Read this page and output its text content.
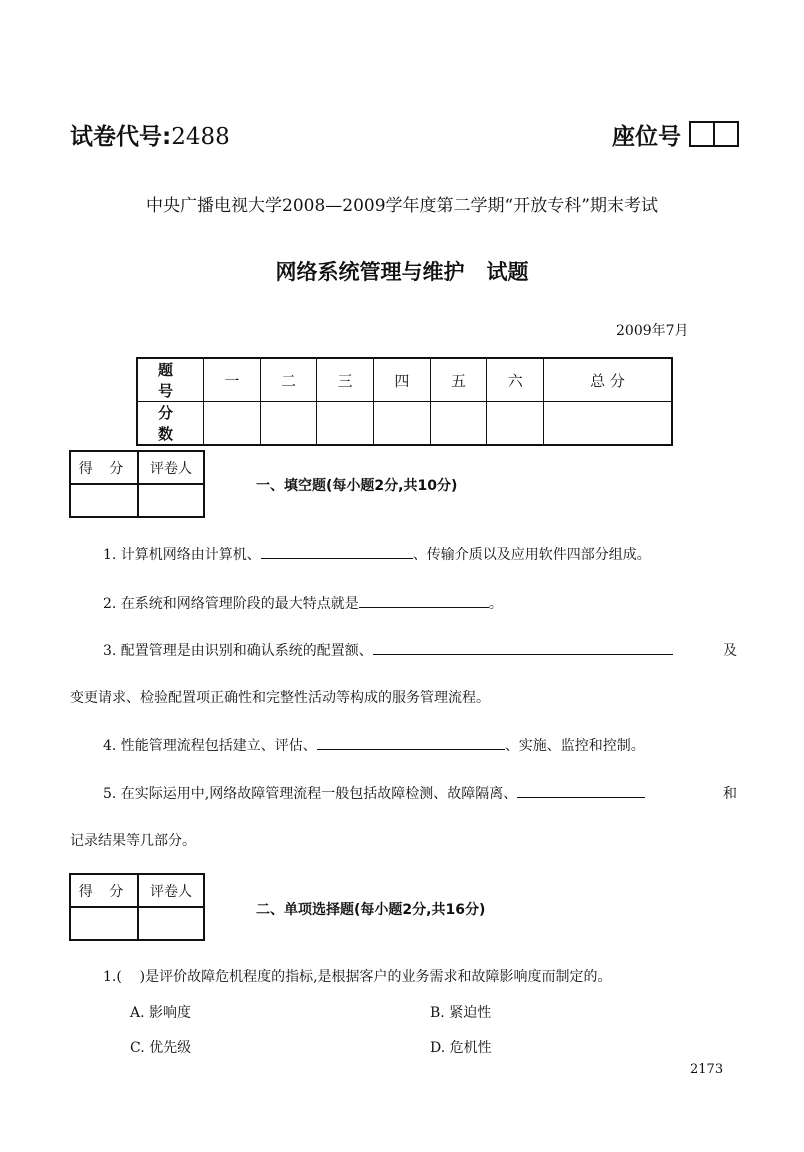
试卷代号:2488	座位号
中央广播电视大学2008—2009学年度第二学期“开放专科”期末考试
网络系统管理与维护   试题
2009年7月
题 号	一	二	三	四	五	六	总 分
分 数							
得 分	评卷人

一、填空题(每小题2分,共10分)
1. 计算机网络由计算机、	、传输介质以及应用软件四部分组成。
2. 在系统和网络管理阶段的最大特点就是	。
3. 配置管理是由识别和确认系统的配置额、	及
变更请求、检验配置项正确性和完整性活动等构成的服务管理流程。
4. 性能管理流程包括建立、评估、	、实施、监控和控制。
5. 在实际运用中,网络故障管理流程一般包括故障检测、故障隔离、	和
记录结果等几部分。
得 分	评卷人

二、单项选择题(每小题2分,共16分)
1.(    )是评价故障危机程度的指标,是根据客户的业务需求和故障影响度而制定的。
A. 影响度	B. 紧迫性
C. 优先级	D. 危机性
2173
